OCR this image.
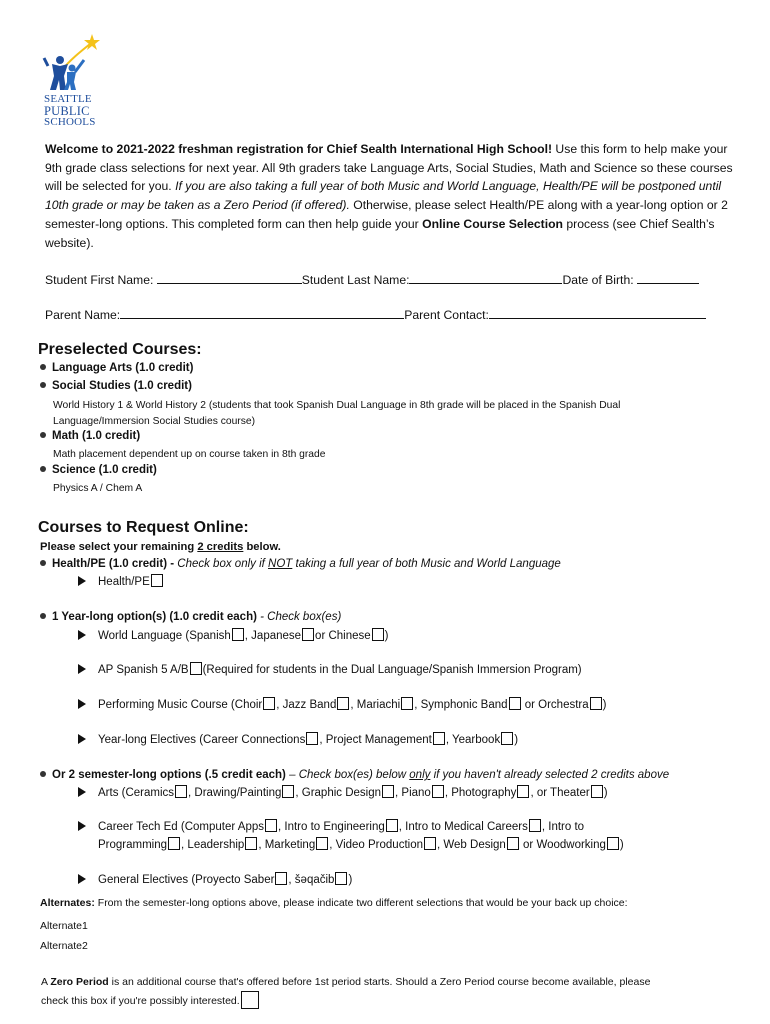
SEATTLE
PUBLIC
SCHOOLS
Welcome to 2021-2022 freshman registration for Chief Sealth International High School! Use this form to help make your 9th grade class selections for next year. All 9th graders take Language Arts, Social Studies, Math and Science so these courses will be selected for you. If you are also taking a full year of both Music and World Language, Health/PE will be postponed until 10th grade or may be taken as a Zero Period (if offered). Otherwise, please select Health/PE along with a year-long option or 2 semester-long options. This completed form can then help guide your Online Course Selection process (see Chief Sealth’s website).
Student First Name:	Student Last Name:	Date of Birth:
Parent Name:	Parent Contact:
Preselected Courses:
Language Arts (1.0 credit)
Social Studies (1.0 credit)
World History 1 & World History 2 (students that took Spanish Dual Language in 8th grade will be placed in the Spanish Dual Language/Immersion Social Studies course)
Math (1.0 credit)
Math placement dependent up on course taken in 8th grade
Science (1.0 credit)
Physics A / Chem A
Courses to Request Online:
Please select your remaining 2 credits below.
Health/PE (1.0 credit) - Check box only if NOT taking a full year of both Music and World Language
Health/PE
1 Year-long option(s) (1.0 credit each) - Check box(es)
World Language (Spanish , Japanese or Chinese )
AP Spanish 5 A/B (Required for students in the Dual Language/Spanish Immersion Program)
Performing Music Course (Choir , Jazz Band , Mariachi , Symphonic Band or Orchestra )
Year-long Electives (Career Connections , Project Management , Yearbook )
Or 2 semester-long options (.5 credit each) – Check box(es) below only if you haven't already selected 2 credits above
Arts (Ceramics , Drawing/Painting , Graphic Design , Piano , Photography , or Theater )
Career Tech Ed (Computer Apps , Intro to Engineering , Intro to Medical Careers , Intro to
Programming , Leadership , Marketing , Video Production , Web Design or Woodworking )
General Electives (Proyecto Saber , šəqačib )
Alternates: From the semester-long options above, please indicate two different selections that would be your back up choice:
Alternate1
Alternate2
A Zero Period is an additional course that's offered before 1st period starts. Should a Zero Period course become available, please
check this box if you're possibly interested.
